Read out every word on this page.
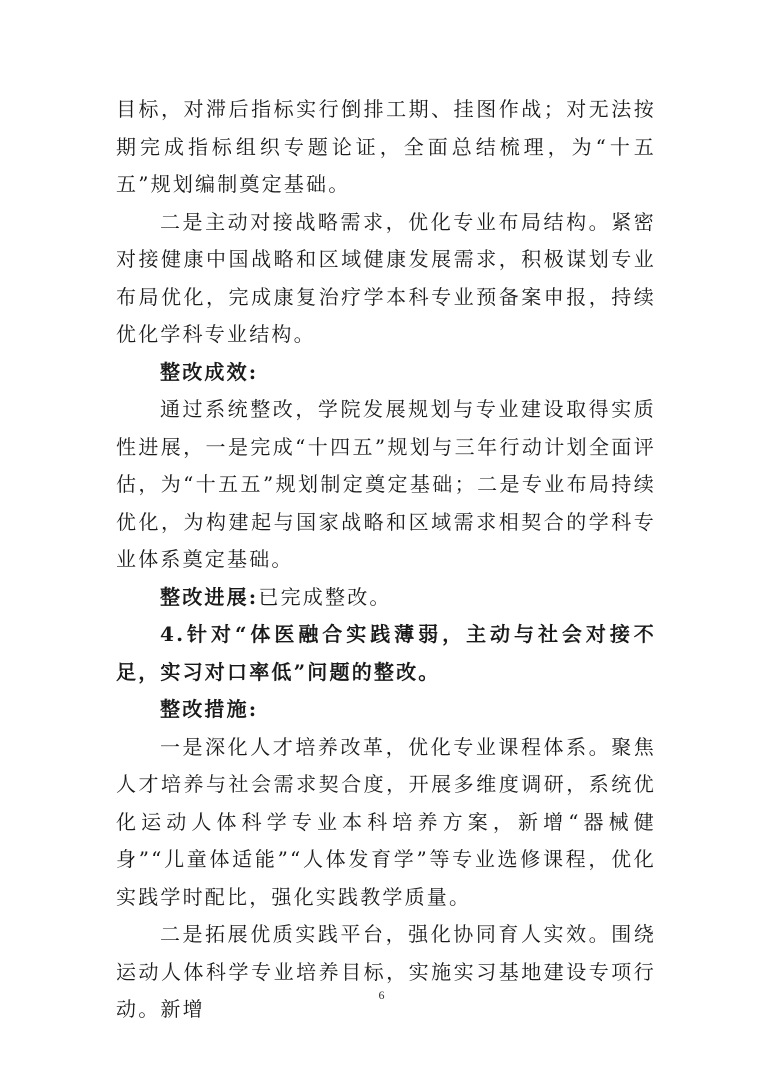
目标，对滞后指标实行倒排工期、挂图作战；对无法按期完成指标组织专题论证，全面总结梳理，为“十五五”规划编制奠定基础。

二是主动对接战略需求，优化专业布局结构。紧密对接健康中国战略和区域健康发展需求，积极谋划专业布局优化，完成康复治疗学本科专业预备案申报，持续优化学科专业结构。

整改成效:

通过系统整改，学院发展规划与专业建设取得实质性进展，一是完成“十四五”规划与三年行动计划全面评估，为“十五五”规划制定奠定基础；二是专业布局持续优化，为构建起与国家战略和区域需求相契合的学科专业体系奠定基础。

整改进展:已完成整改。

4.针对“体医融合实践薄弱，主动与社会对接不足，实习对口率低”问题的整改。

整改措施:

一是深化人才培养改革，优化专业课程体系。聚焦人才培养与社会需求契合度，开展多维度调研，系统优化运动人体科学专业本科培养方案，新增“器械健身”“儿童体适能”“人体发育学”等专业选修课程，优化实践学时配比，强化实践教学质量。

二是拓展优质实践平台，强化协同育人实效。围绕运动人体科学专业培养目标，实施实习基地建设专项行动。新增

6
